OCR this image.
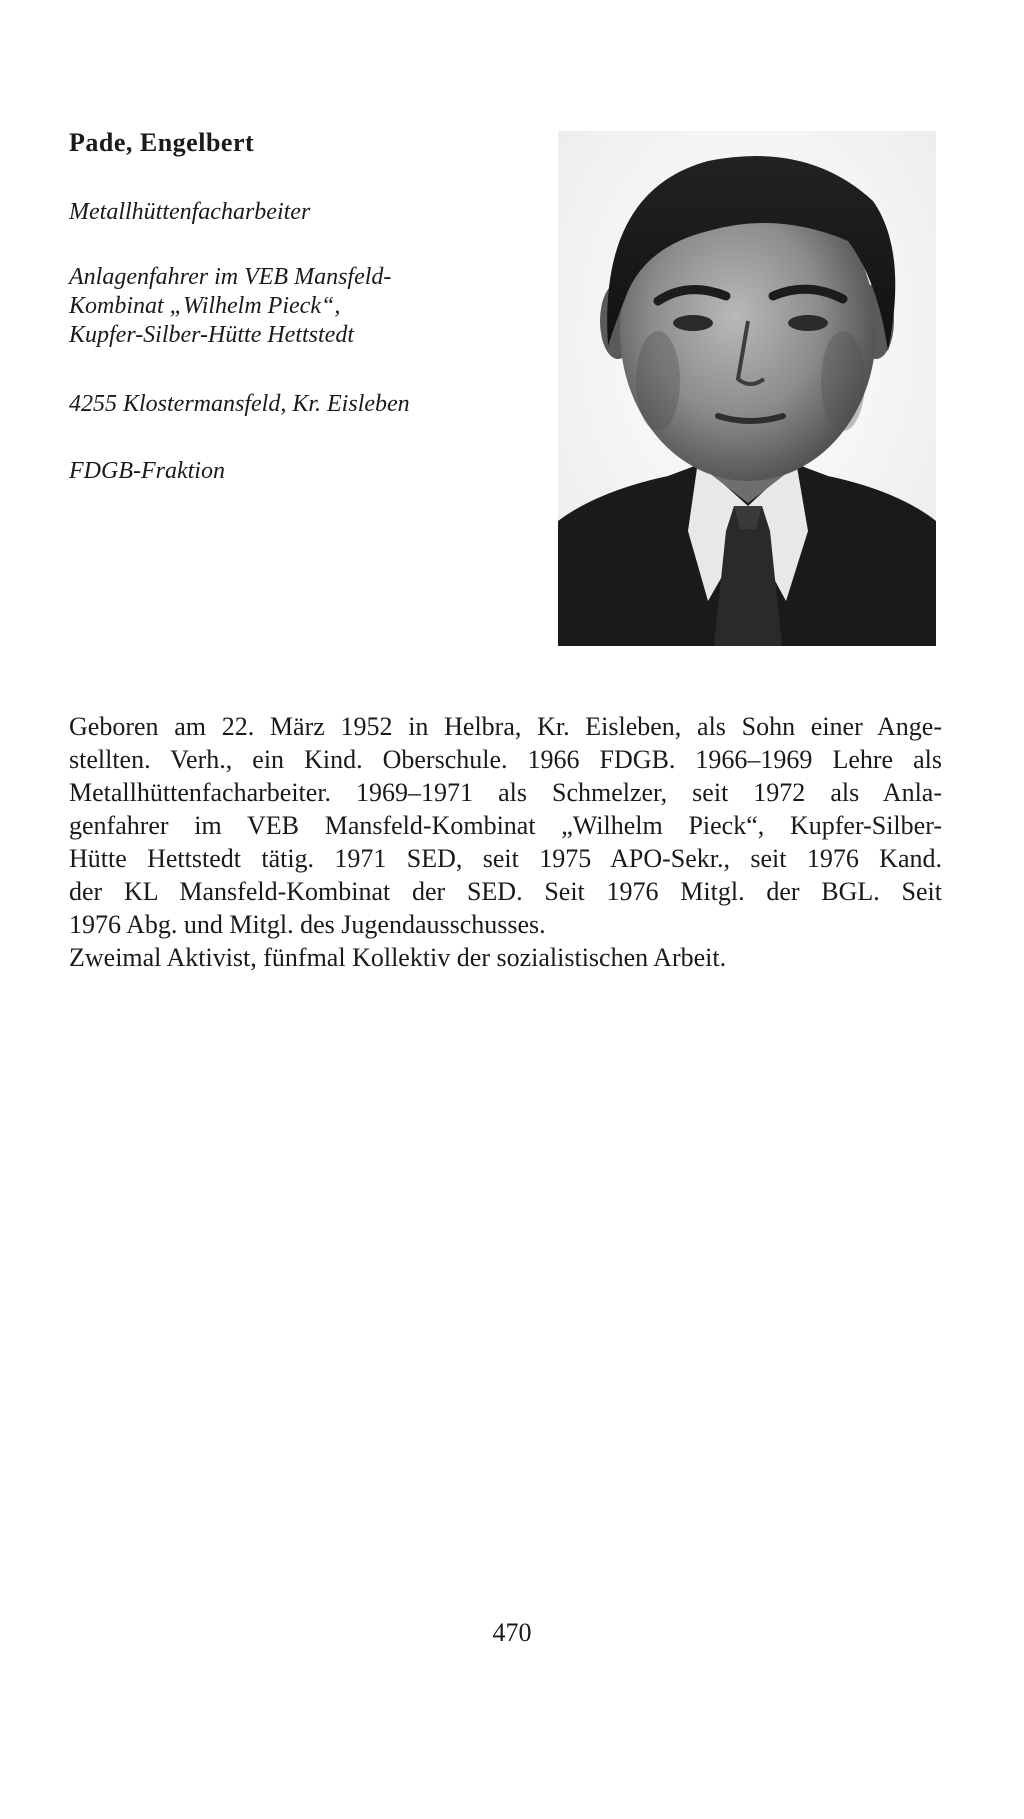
Pade, Engelbert

Metallhüttenfacharbeiter

Anlagenfahrer im VEB Mansfeld-
Kombinat „Wilhelm Pieck“,
Kupfer-Silber-Hütte Hettstedt

4255 Klostermansfeld, Kr. Eisleben

FDGB-Fraktion

Geboren am 22. März 1952 in Helbra, Kr. Eisleben, als Sohn einer Ange-
stellten. Verh., ein Kind. Oberschule. 1966 FDGB. 1966–1969 Lehre als
Metallhüttenfacharbeiter. 1969–1971 als Schmelzer, seit 1972 als Anla-
genfahrer im VEB Mansfeld-Kombinat „Wilhelm Pieck“, Kupfer-Silber-
Hütte Hettstedt tätig. 1971 SED, seit 1975 APO-Sekr., seit 1976 Kand.
der KL Mansfeld-Kombinat der SED. Seit 1976 Mitgl. der BGL. Seit
1976 Abg. und Mitgl. des Jugendausschusses.
Zweimal Aktivist, fünfmal Kollektiv der sozialistischen Arbeit.

470
